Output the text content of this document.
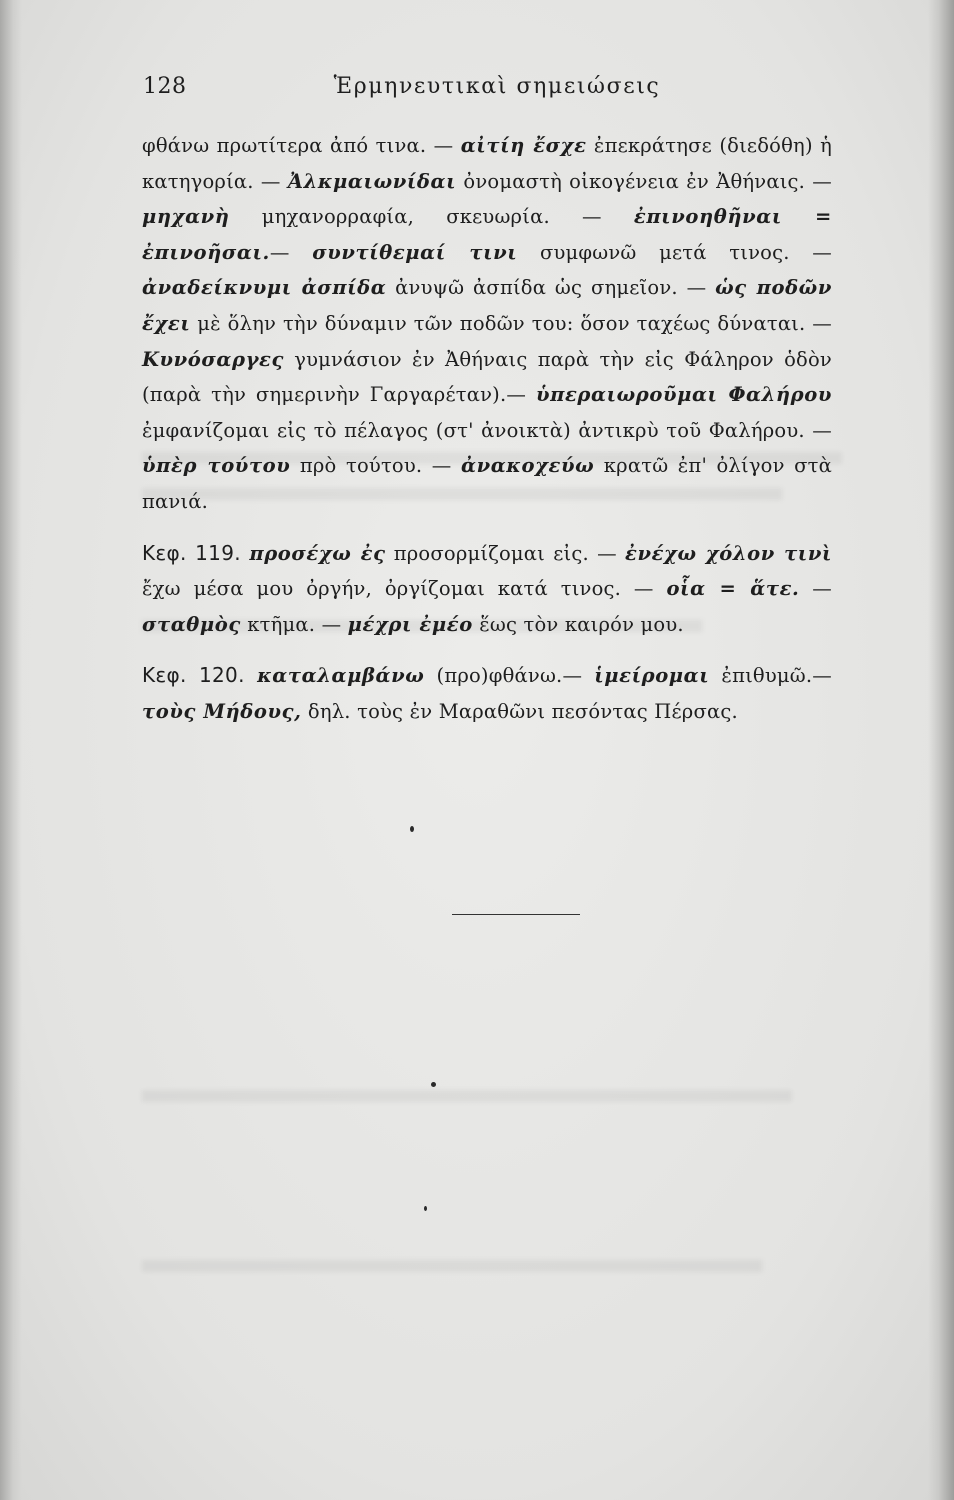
128	Ἑρμηνευτικαὶ σημειώσεις

φθάνω πρωτίτερα ἀπό τινα. — αἰτίη ἔσχε ἐπεκράτησε (διεδόθη) ἡ κατηγορία. — Ἀλκμαιωνίδαι ὀνομαστὴ οἰκογένεια ἐν Ἀθήναις. — μηχανὴ μηχανορραφία, σκευωρία. — ἐπινοηθῆναι = ἐπινοῆσαι.— συντίθεμαί τινι συμφωνῶ μετά τινος. — ἀναδείκνυμι ἀσπίδα ἀνυψῶ ἀσπίδα ὡς σημεῖον. — ὡς ποδῶν ἔχει μὲ ὅλην τὴν δύναμιν τῶν ποδῶν του: ὅσον ταχέως δύναται. — Κυνόσαργες γυμνάσιον ἐν Ἀθήναις παρὰ τὴν εἰς Φάληρον ὁδὸν (παρὰ τὴν σημερινὴν Γαργαρέταν).— ὑπεραιωροῦμαι Φαλήρου ἐμφανίζομαι εἰς τὸ πέλαγος (στ' ἀνοικτὰ) ἀντικρὺ τοῦ Φαλήρου. — ὑπὲρ τούτου πρὸ τούτου. — ἀνακοχεύω κρατῶ ἐπ' ὀλίγον στὰ πανιά.

Κεφ. 119. προσέχω ἐς προσορμίζομαι εἰς. — ἐνέχω χόλον τινὶ ἔχω μέσα μου ὀργήν, ὀργίζομαι κατά τινος. — οἷα = ἅτε. — σταθμὸς κτῆμα. — μέχρι ἐμέο ἕως τὸν καιρόν μου.

Κεφ. 120. καταλαμβάνω (προ)φθάνω.— ἱμείρομαι ἐπιθυμῶ.— τοὺς Μήδους, δηλ. τοὺς ἐν Μαραθῶνι πεσόντας Πέρσας.
